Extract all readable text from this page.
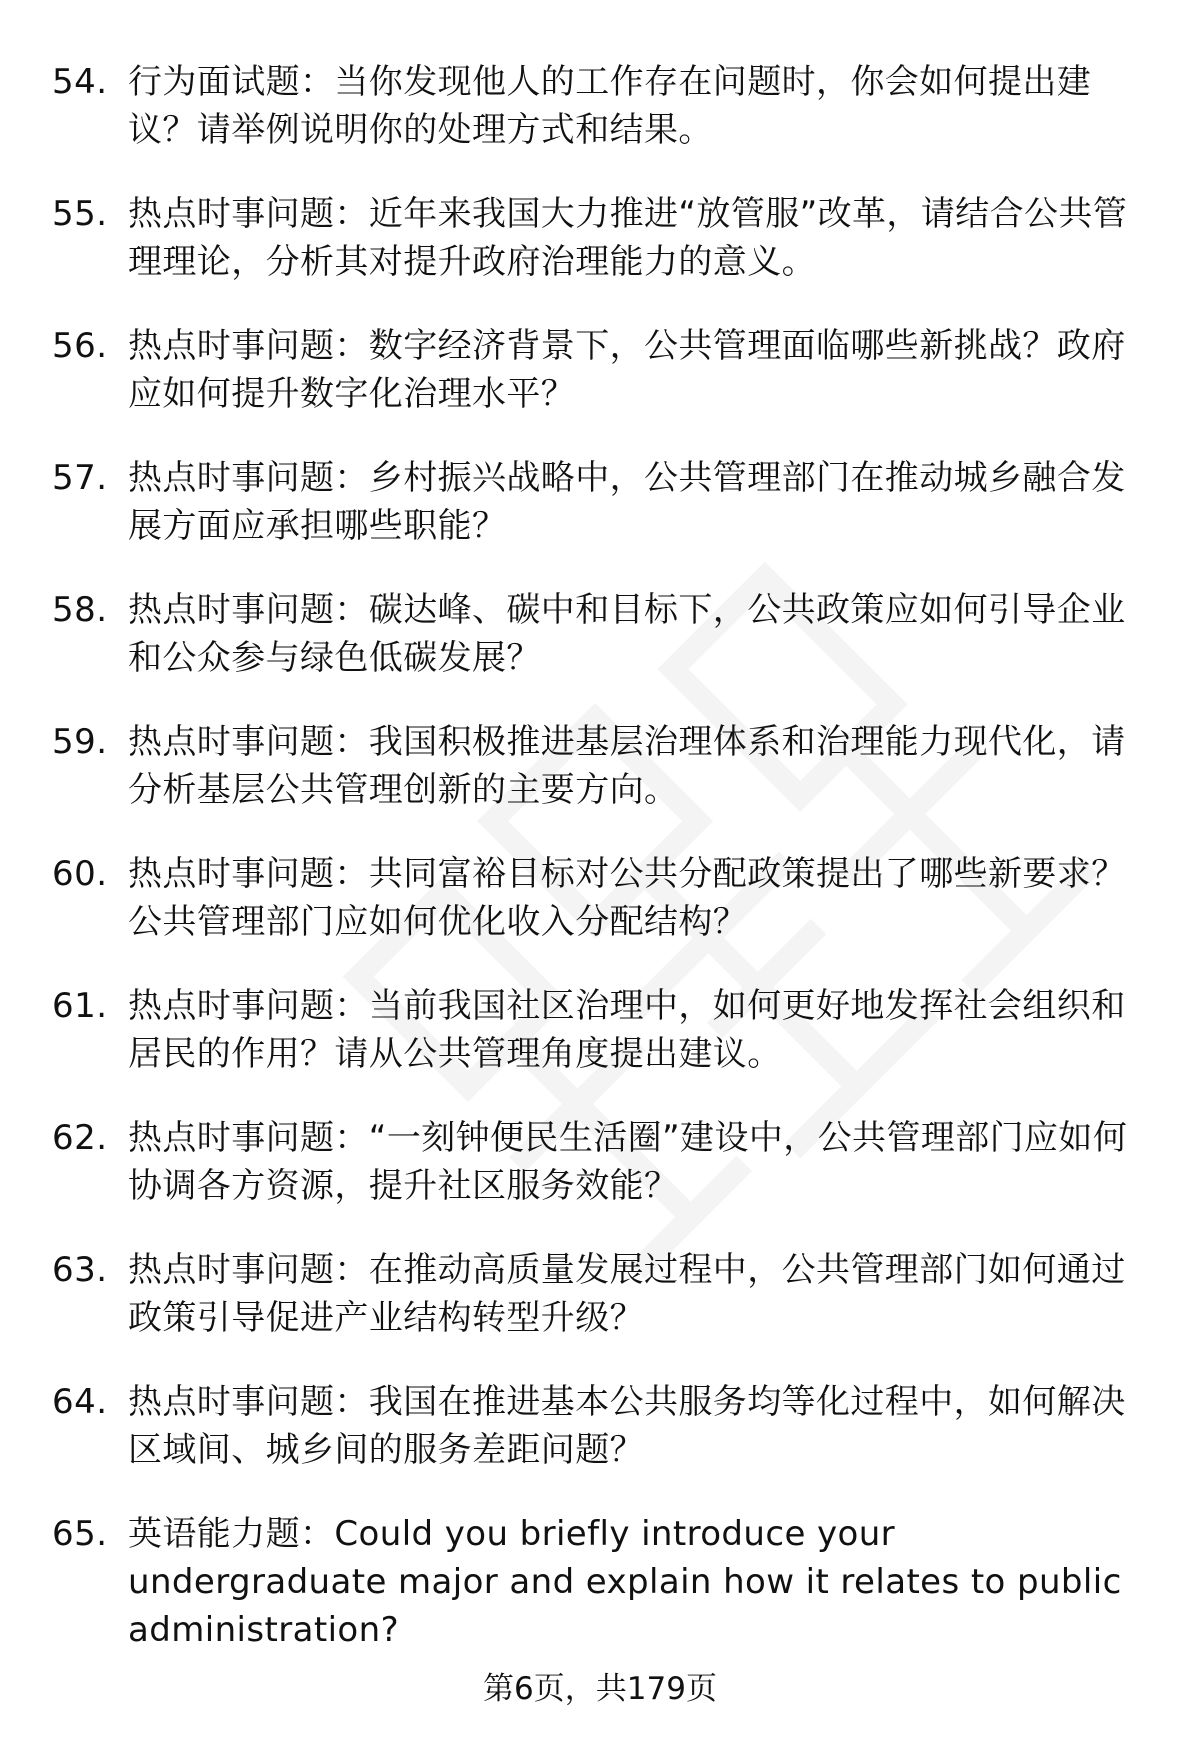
54. 行为面试题：当你发现他人的工作存在问题时，你会如何提出建议？请举例说明你的处理方式和结果。
55. 热点时事问题：近年来我国大力推进“放管服”改革，请结合公共管理理论，分析其对提升政府治理能力的意义。
56. 热点时事问题：数字经济背景下，公共管理面临哪些新挑战？政府应如何提升数字化治理水平？
57. 热点时事问题：乡村振兴战略中，公共管理部门在推动城乡融合发展方面应承担哪些职能？
58. 热点时事问题：碳达峰、碳中和目标下，公共政策应如何引导企业和公众参与绿色低碳发展？
59. 热点时事问题：我国积极推进基层治理体系和治理能力现代化，请分析基层公共管理创新的主要方向。
60. 热点时事问题：共同富裕目标对公共分配政策提出了哪些新要求？公共管理部门应如何优化收入分配结构？
61. 热点时事问题：当前我国社区治理中，如何更好地发挥社会组织和居民的作用？请从公共管理角度提出建议。
62. 热点时事问题：“一刻钟便民生活圈”建设中，公共管理部门应如何协调各方资源，提升社区服务效能？
63. 热点时事问题：在推动高质量发展过程中，公共管理部门如何通过政策引导促进产业结构转型升级？
64. 热点时事问题：我国在推进基本公共服务均等化过程中，如何解决区域间、城乡间的服务差距问题？
65. 英语能力题：Could you briefly introduce your undergraduate major and explain how it relates to public administration?
第6页，共179页
